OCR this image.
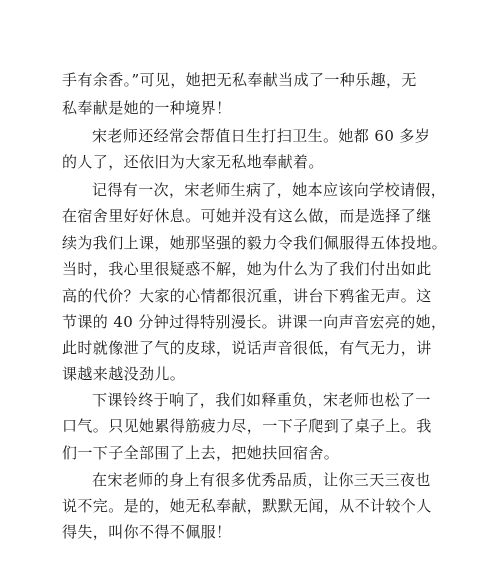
手有余香。”可见，她把无私奉献当成了一种乐趣，无
私奉献是她的一种境界！
宋老师还经常会帮值日生打扫卫生。她都 60 多岁
的人了，还依旧为大家无私地奉献着。
记得有一次，宋老师生病了，她本应该向学校请假，
在宿舍里好好休息。可她并没有这么做，而是选择了继
续为我们上课，她那坚强的毅力令我们佩服得五体投地。
当时，我心里很疑惑不解，她为什么为了我们付出如此
高的代价？大家的心情都很沉重，讲台下鸦雀无声。这
节课的 40 分钟过得特别漫长。讲课一向声音宏亮的她，
此时就像泄了气的皮球，说话声音很低，有气无力，讲
课越来越没劲儿。
下课铃终于响了，我们如释重负，宋老师也松了一
口气。只见她累得筋疲力尽，一下子爬到了桌子上。我
们一下子全部围了上去，把她扶回宿舍。
在宋老师的身上有很多优秀品质，让你三天三夜也
说不完。是的，她无私奉献，默默无闻，从不计较个人
得失，叫你不得不佩服！
